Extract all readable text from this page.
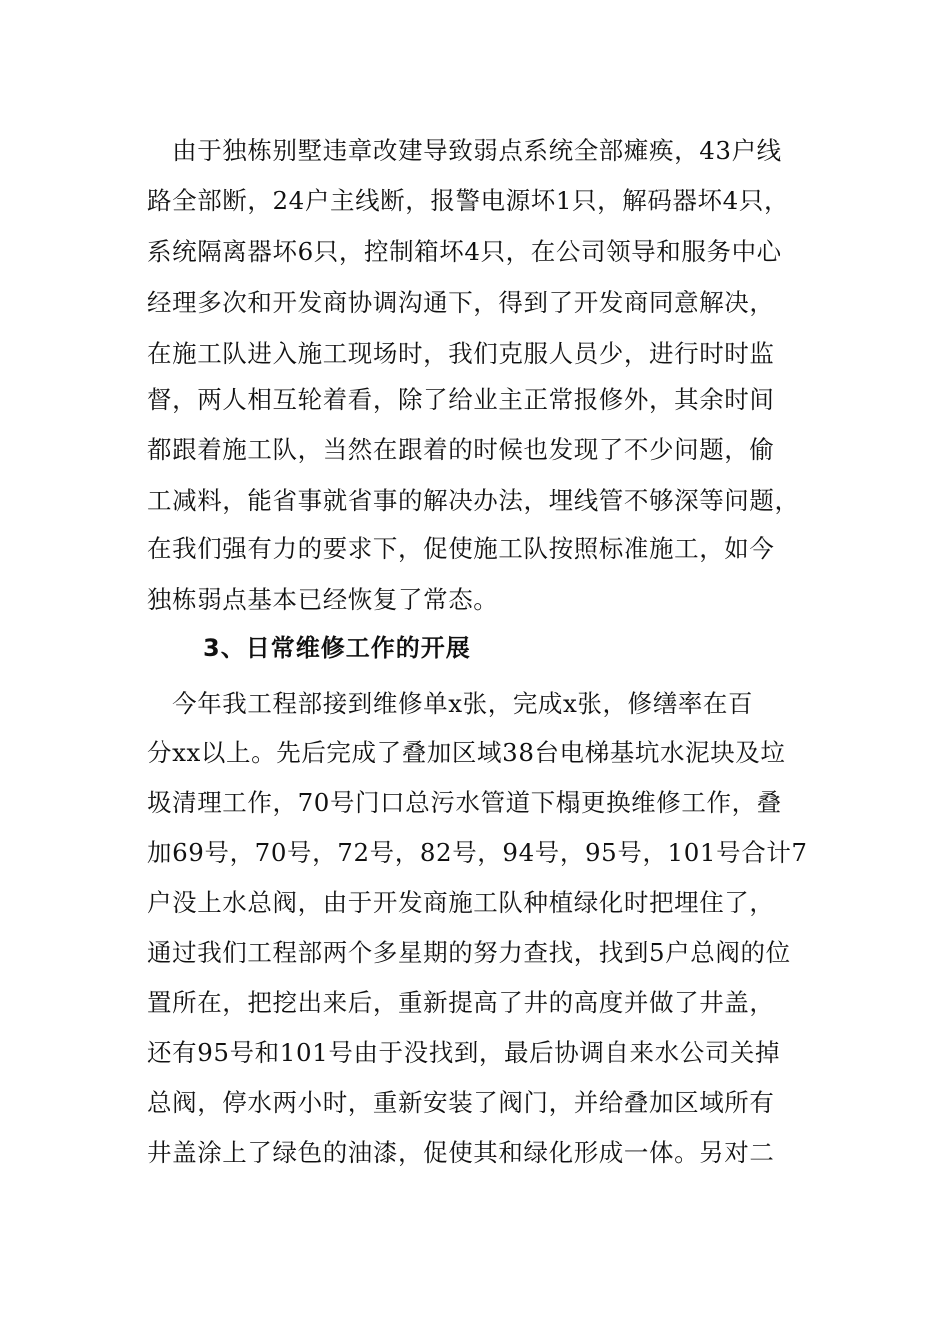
　由于独栋别墅违章改建导致弱点系统全部瘫痪，43户线
路全部断，24户主线断，报警电源坏1只，解码器坏4只，
系统隔离器坏6只，控制箱坏4只，在公司领导和服务中心
经理多次和开发商协调沟通下，得到了开发商同意解决，
在施工队进入施工现场时，我们克服人员少，进行时时监
督，两人相互轮着看，除了给业主正常报修外，其余时间
都跟着施工队，当然在跟着的时候也发现了不少问题，偷
工减料，能省事就省事的解决办法，埋线管不够深等问题，
在我们强有力的要求下，促使施工队按照标准施工，如今
独栋弱点基本已经恢复了常态。
3、日常维修工作的开展
　今年我工程部接到维修单x张，完成x张，修缮率在百
分xx以上。先后完成了叠加区域38台电梯基坑水泥块及垃
圾清理工作，70号门口总污水管道下榻更换维修工作，叠
加69号，70号，72号，82号，94号，95号，101号合计7
户没上水总阀，由于开发商施工队种植绿化时把埋住了，
通过我们工程部两个多星期的努力查找，找到5户总阀的位
置所在，把挖出来后，重新提高了井的高度并做了井盖，
还有95号和101号由于没找到，最后协调自来水公司关掉
总阀，停水两小时，重新安装了阀门，并给叠加区域所有
井盖涂上了绿色的油漆，促使其和绿化形成一体。另对二
